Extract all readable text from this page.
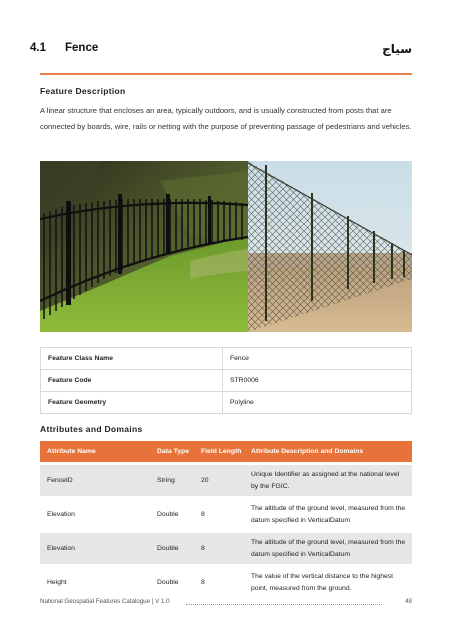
4.1 Fence	سياج
Feature Description

A linear structure that encloses an area, typically outdoors, and is usually constructed from posts that are connected by boards, wire, rails or netting with the purpose of preventing passage of pedestrians and vehicles.

Feature Class Name	Fence
Feature Code	STR0006
Feature Geometry	Polyline
Attributes and Domains
Attribute Name	Data Type	Field Length	Attribute Description and Domains

FenceID	String	20	Unique Identifier as assigned at the national level by the FGIC.

Elevation	Double	8	The altitude of the ground level, measured from the datum specified in VerticalDatum

Elevation	Double	8	The altitude of the ground level, measured from the datum specified in VerticalDatum

Height	Double	8	The value of the vertical distance to the highest point, measured from the ground.
National Geospatial Features Catalogue | V 1.0	48
